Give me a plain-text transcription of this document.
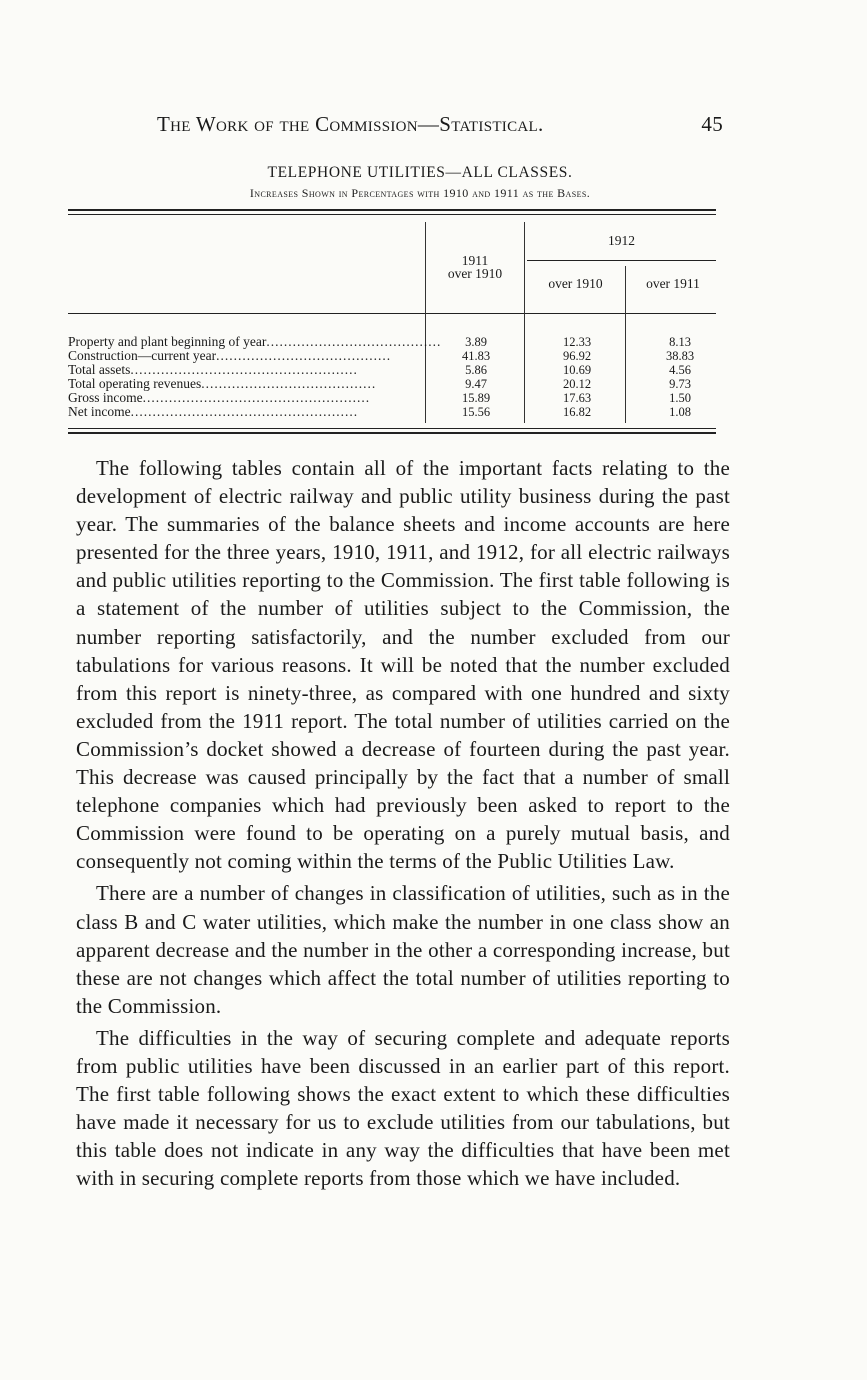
The Work of the Commission—Statistical.	45
TELEPHONE UTILITIES—ALL CLASSES.
Increases Shown in Percentages with 1910 and 1911 as the Bases.
1911
over 1910
1912
over 1910	over 1911
Property and plant beginning of year........................................
Construction—current year........................................
Total assets....................................................
Total operating revenues........................................
Gross income....................................................
Net income....................................................
3.89
41.83
5.86
9.47
15.89
15.56
12.33
96.92
10.69
20.12
17.63
16.82
8.13
38.83
4.56
9.73
1.50
1.08

The following tables contain all of the important facts relating to the development of electric railway and public utility business during the past year. The summaries of the balance sheets and income accounts are here presented for the three years, 1910, 1911, and 1912, for all electric railways and public utilities reporting to the Commission. The first table following is a statement of the number of utilities subject to the Commission, the number reporting satisfactorily, and the number excluded from our tabulations for various reasons. It will be noted that the number excluded from this report is ninety-three, as compared with one hundred and sixty excluded from the 1911 report. The total number of utilities carried on the Commission’s docket showed a decrease of fourteen during the past year. This decrease was caused principally by the fact that a number of small telephone companies which had previously been asked to report to the Commission were found to be operating on a purely mutual basis, and consequently not coming within the terms of the Public Utilities Law.

There are a number of changes in classification of utilities, such as in the class B and C water utilities, which make the number in one class show an apparent decrease and the number in the other a corresponding increase, but these are not changes which affect the total number of utilities reporting to the Commission.

The difficulties in the way of securing complete and adequate reports from public utilities have been discussed in an earlier part of this report. The first table following shows the exact extent to which these difficulties have made it necessary for us to exclude utilities from our tabulations, but this table does not indicate in any way the difficulties that have been met with in securing complete reports from those which we have included.
